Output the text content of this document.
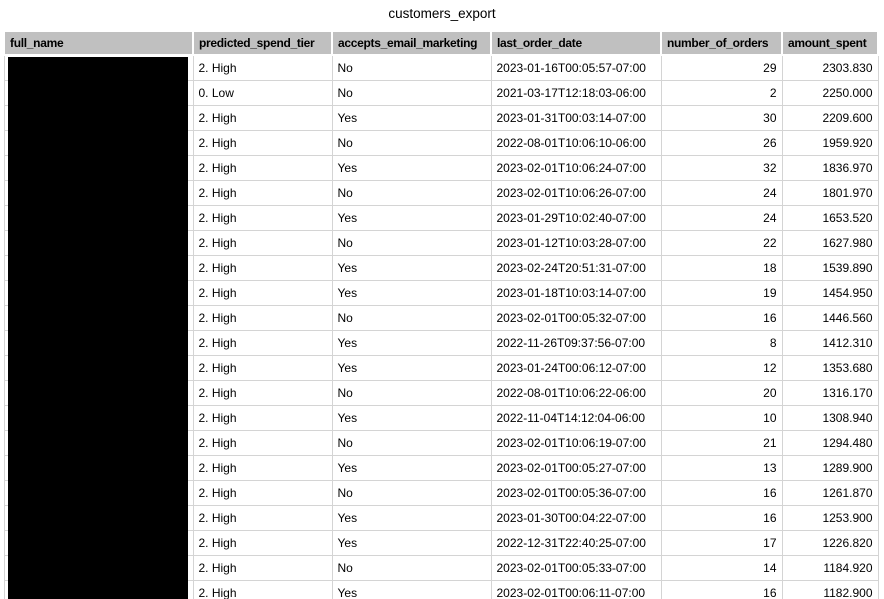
customers_export
full_name	predicted_spend_tier	accepts_email_marketing	last_order_date	number_of_orders	amount_spent
	2. High	No	2023-01-16T00:05:57-07:00	29	2303.830
	0. Low	No	2021-03-17T12:18:03-06:00	2	2250.000
	2. High	Yes	2023-01-31T00:03:14-07:00	30	2209.600
	2. High	No	2022-08-01T10:06:10-06:00	26	1959.920
	2. High	Yes	2023-02-01T10:06:24-07:00	32	1836.970
	2. High	No	2023-02-01T10:06:26-07:00	24	1801.970
	2. High	Yes	2023-01-29T10:02:40-07:00	24	1653.520
	2. High	No	2023-01-12T10:03:28-07:00	22	1627.980
	2. High	Yes	2023-02-24T20:51:31-07:00	18	1539.890
	2. High	Yes	2023-01-18T10:03:14-07:00	19	1454.950
	2. High	No	2023-02-01T00:05:32-07:00	16	1446.560
	2. High	Yes	2022-11-26T09:37:56-07:00	8	1412.310
	2. High	Yes	2023-01-24T00:06:12-07:00	12	1353.680
	2. High	No	2022-08-01T10:06:22-06:00	20	1316.170
	2. High	Yes	2022-11-04T14:12:04-06:00	10	1308.940
	2. High	No	2023-02-01T10:06:19-07:00	21	1294.480
	2. High	Yes	2023-02-01T00:05:27-07:00	13	1289.900
	2. High	No	2023-02-01T00:05:36-07:00	16	1261.870
	2. High	Yes	2023-01-30T00:04:22-07:00	16	1253.900
	2. High	Yes	2022-12-31T22:40:25-07:00	17	1226.820
	2. High	No	2023-02-01T00:05:33-07:00	14	1184.920
	2. High	Yes	2023-02-01T00:06:11-07:00	16	1182.900
